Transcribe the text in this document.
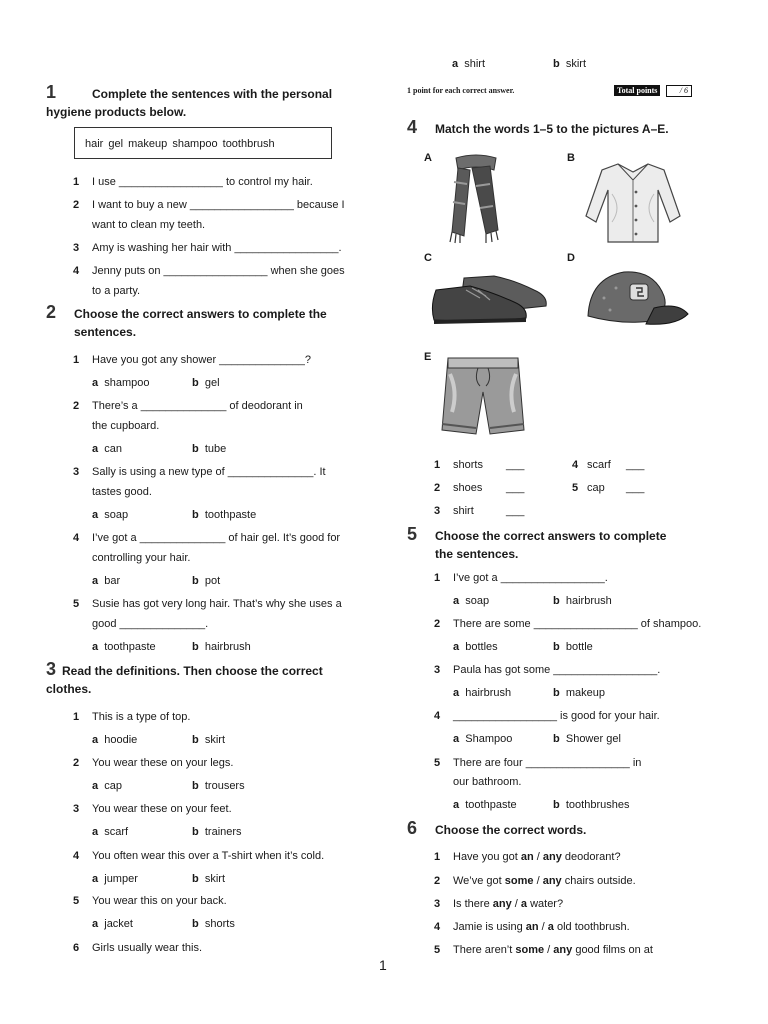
a shirt	b skirt
1 point for each correct answer.	Total points	/ 6
1	Complete the sentences with the personal
hygiene products below.
hair gel makeup shampoo toothbrush
1 I use _________________ to control my hair.
2 I want to buy a new _________________ because I
want to clean my teeth.
3 Amy is washing her hair with _________________.
4 Jenny puts on _________________ when she goes
to a party.
2 Choose the correct answers to complete the
sentences.
1 Have you got any shower ______________?
a shampoo	b gel
2 There’s a ______________ of deodorant in
the cupboard.
a can	b tube
3 Sally is using a new type of ______________. It
tastes good.
a soap	b toothpaste
4 I’ve got a ______________ of hair gel. It’s good for
controlling your hair.
a bar	b pot
5 Susie has got very long hair. That’s why she uses a
good ______________.
a toothpaste	b hairbrush
3 Read the definitions. Then choose the correct
clothes.
1 This is a type of top.
a hoodie	b skirt
2 You wear these on your legs.
a cap	b trousers
3 You wear these on your feet.
a scarf	b trainers
4 You often wear this over a T-shirt when it’s cold.
a jumper	b skirt
5 You wear this on your back.
a jacket	b shorts
6 Girls usually wear this.
4 Match the words 1–5 to the pictures A–E.
A	B
C	D
E
1 shorts ___
2 shoes ___
3 shirt	___
4 scarf ___
5 cap ___
5 Choose the correct answers to complete
the sentences.
1 I’ve got a _________________.
a soap	b hairbrush
2 There are some _________________ of shampoo.
a bottles	b bottle
3 Paula has got some _________________.
a hairbrush	b makeup
4 _________________ is good for your hair.
a Shampoo	b Shower gel
5 There are four _________________ in
our bathroom.
a toothpaste	b toothbrushes
6 Choose the correct words.
1 Have you got an / any deodorant?
2 We’ve got some / any chairs outside.
3 Is there any / a water?
4 Jamie is using an / a old toothbrush.
5 There aren’t some / any good films on at
1
